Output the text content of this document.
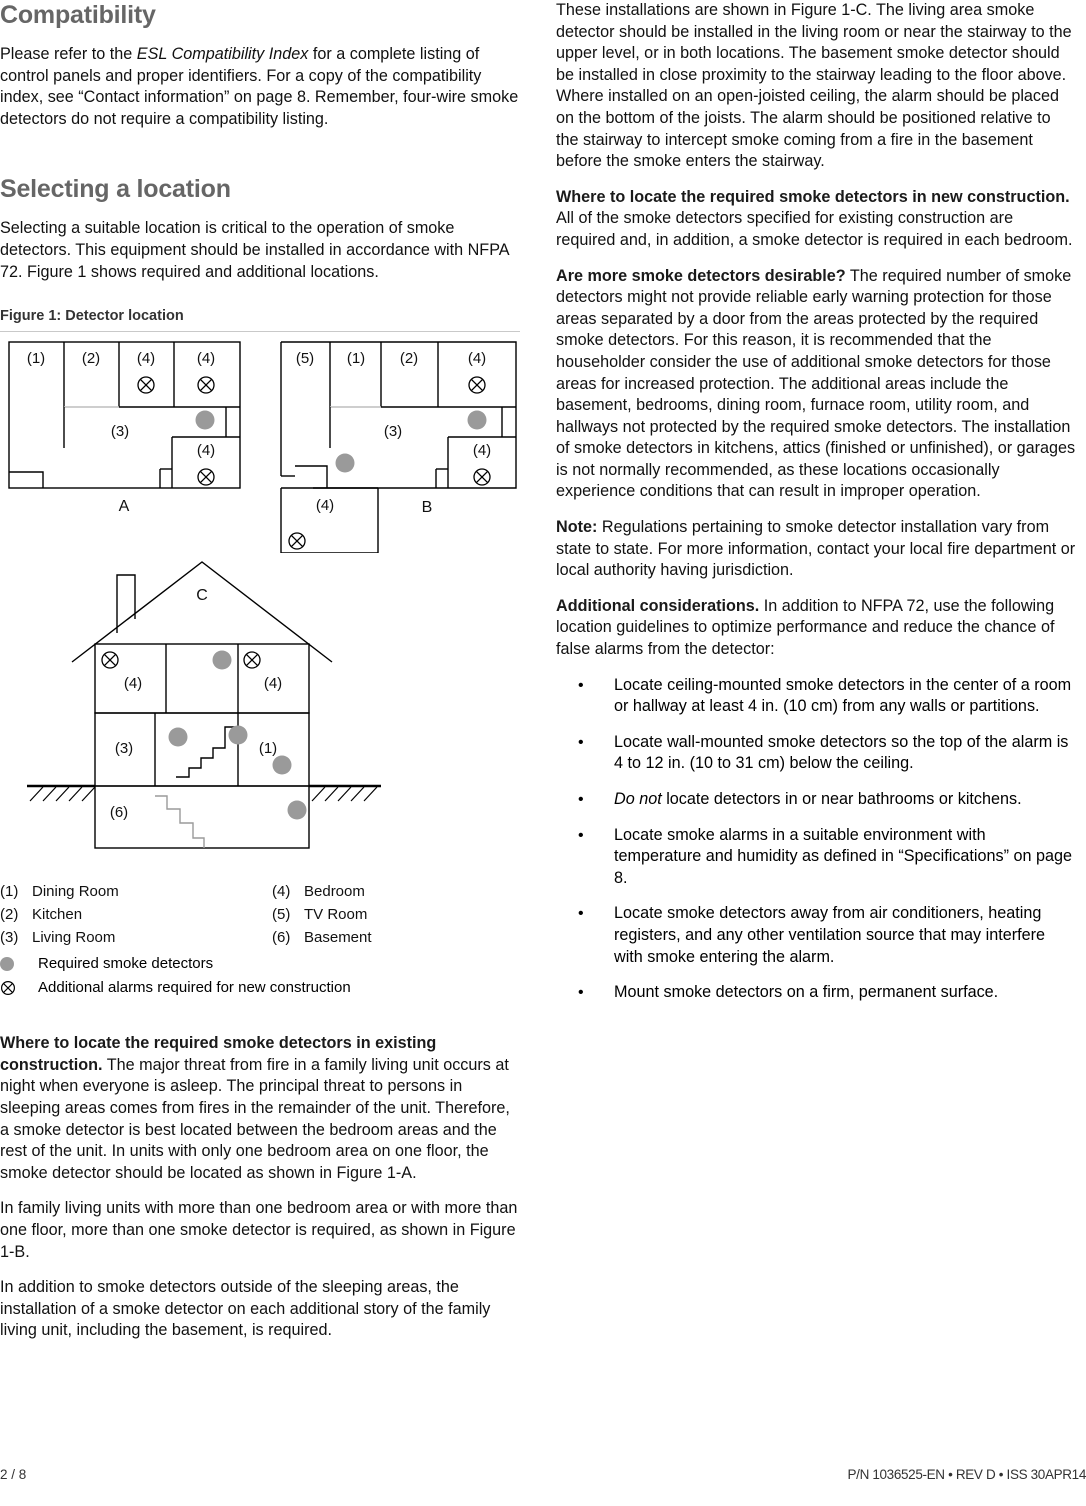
Compatibility

Please refer to the ESL Compatibility Index for a complete listing of control panels and proper identifiers. For a copy of the compatibility index, see “Contact information” on page 8. Remember, four-wire smoke detectors do not require a compatibility listing.

Selecting a location

Selecting a suitable location is critical to the operation of smoke detectors. This equipment should be installed in accordance with NFPA 72. Figure 1 shows required and additional locations.

Figure 1: Detector location
(1) (2) (4)	(4)
(3)
(4)
A
(5) (1) (2)	(4)
(3)
(4)
(4)	B
C
(4)	(4)
(3)	(1)
(6)
(1) Dining Room	(4) Bedroom
(2) Kitchen	(5) TV Room
(3) Living Room	(6) Basement
Required smoke detectors
Additional alarms required for new construction

Where to locate the required smoke detectors in existing construction. The major threat from fire in a family living unit occurs at night when everyone is asleep. The principal threat to persons in sleeping areas comes from fires in the remainder of the unit. Therefore, a smoke detector is best located between the bedroom areas and the rest of the unit. In units with only one bedroom area on one floor, the smoke detector should be located as shown in Figure 1-A.

In family living units with more than one bedroom area or with more than one floor, more than one smoke detector is required, as shown in Figure 1-B.

In addition to smoke detectors outside of the sleeping areas, the installation of a smoke detector on each additional story of the family living unit, including the basement, is required.

These installations are shown in Figure 1-C. The living area smoke detector should be installed in the living room or near the stairway to the upper level, or in both locations. The basement smoke detector should be installed in close proximity to the stairway leading to the floor above. Where installed on an open-joisted ceiling, the alarm should be placed on the bottom of the joists. The alarm should be positioned relative to the stairway to intercept smoke coming from a fire in the basement before the smoke enters the stairway.

Where to locate the required smoke detectors in new construction. All of the smoke detectors specified for existing construction are required and, in addition, a smoke detector is required in each bedroom.

Are more smoke detectors desirable? The required number of smoke detectors might not provide reliable early warning protection for those areas separated by a door from the areas protected by the required smoke detectors. For this reason, it is recommended that the householder consider the use of additional smoke detectors for those areas for increased protection. The additional areas include the basement, bedrooms, dining room, furnace room, utility room, and hallways not protected by the required smoke detectors. The installation of smoke detectors in kitchens, attics (finished or unfinished), or garages is not normally recommended, as these locations occasionally experience conditions that can result in improper operation.

Note: Regulations pertaining to smoke detector installation vary from state to state. For more information, contact your local fire department or local authority having jurisdiction.

Additional considerations. In addition to NFPA 72, use the following location guidelines to optimize performance and reduce the chance of false alarms from the detector:

• Locate ceiling-mounted smoke detectors in the center of a room or hallway at least 4 in. (10 cm) from any walls or partitions.
• Locate wall-mounted smoke detectors so the top of the alarm is 4 to 12 in. (10 to 31 cm) below the ceiling.
• Do not locate detectors in or near bathrooms or kitchens.
• Locate smoke alarms in a suitable environment with temperature and humidity as defined in “Specifications” on page 8.
• Locate smoke detectors away from air conditioners, heating registers, and any other ventilation source that may interfere with smoke entering the alarm.
• Mount smoke detectors on a firm, permanent surface.
2 / 8	P/N 1036525-EN • REV D • ISS 30APR14
